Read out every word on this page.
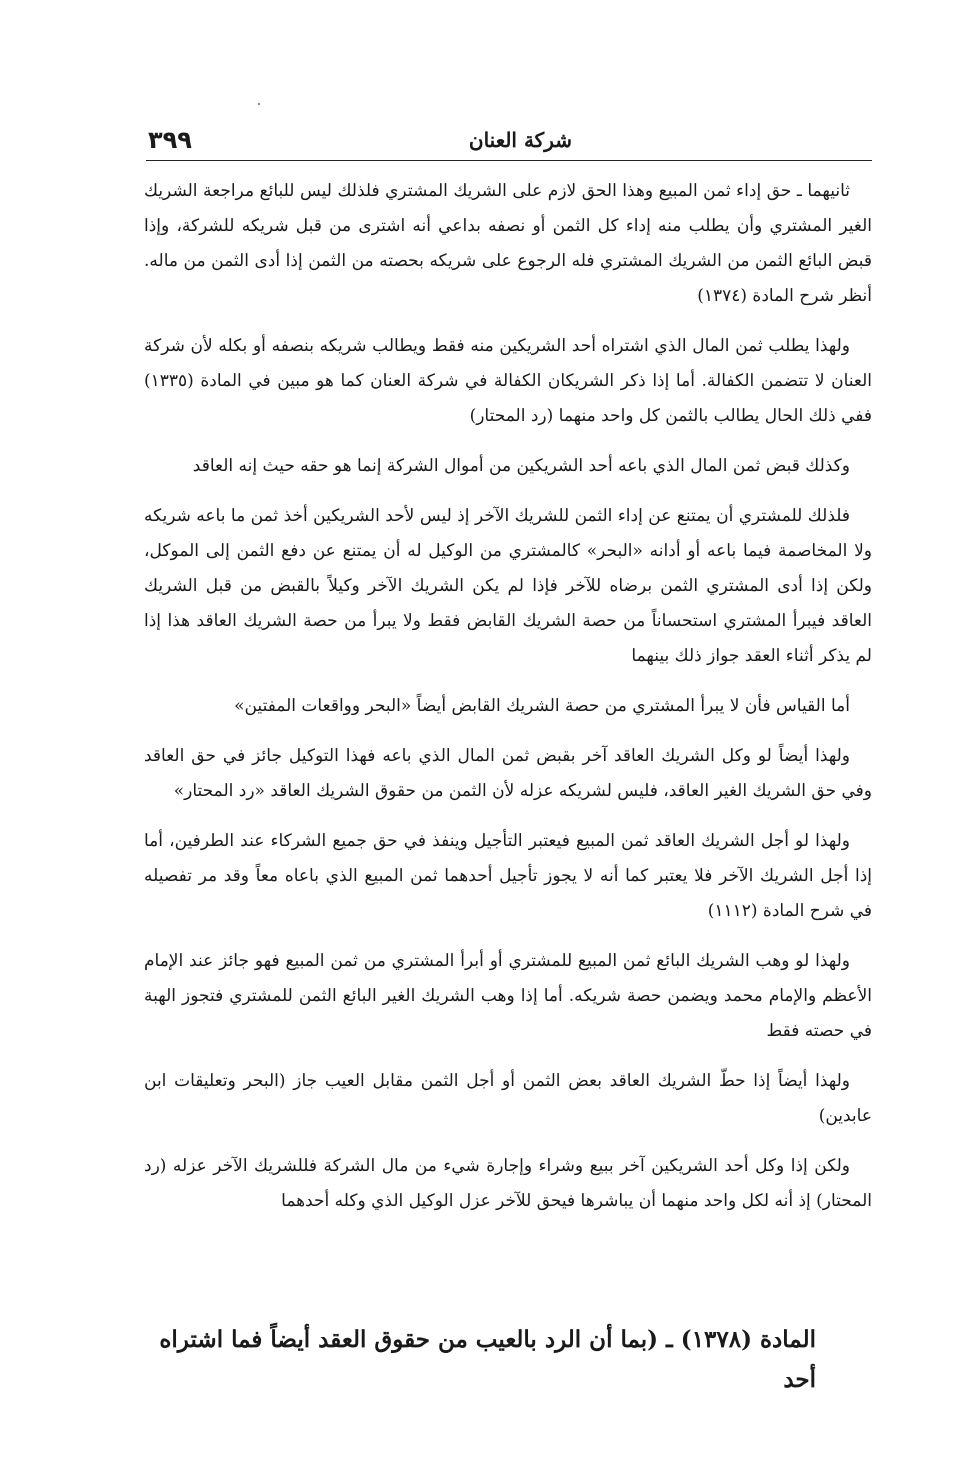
شركة العنان
٣٩٩

ثانيهما ـ حق إداء ثمن المبيع وهذا الحق لازم على الشريك المشتري فلذلك ليس للبائع مراجعة الشريك الغير المشتري وأن يطلب منه إداء كل الثمن أو نصفه بداعي أنه اشترى من قبل شريكه للشركة، وإذا قبض البائع الثمن من الشريك المشتري فله الرجوع على شريكه بحصته من الثمن إذا أدى الثمن من ماله. أنظر شرح المادة (١٣٧٤)

ولهذا يطلب ثمن المال الذي اشتراه أحد الشريكين منه فقط ويطالب شريكه بنصفه أو بكله لأن شركة العنان لا تتضمن الكفالة. أما إذا ذكر الشريكان الكفالة في شركة العنان كما هو مبين في المادة (١٣٣٥) ففي ذلك الحال يطالب بالثمن كل واحد منهما (رد المحتار)

وكذلك قبض ثمن المال الذي باعه أحد الشريكين من أموال الشركة إنما هو حقه حيث إنه العاقد

فلذلك للمشتري أن يمتنع عن إداء الثمن للشريك الآخر إذ ليس لأحد الشريكين أخذ ثمن ما باعه شريكه ولا المخاصمة فيما باعه أو أدانه «البحر» كالمشتري من الوكيل له أن يمتنع عن دفع الثمن إلى الموكل، ولكن إذا أدى المشتري الثمن برضاه للآخر فإذا لم يكن الشريك الآخر وكيلاً بالقبض من قبل الشريك العاقد فيبرأ المشتري استحساناً من حصة الشريك القابض فقط ولا يبرأ من حصة الشريك العاقد هذا إذا لم يذكر أثناء العقد جواز ذلك بينهما

أما القياس فأن لا يبرأ المشتري من حصة الشريك القابض أيضاً «البحر وواقعات المفتين»

ولهذا أيضاً لو وكل الشريك العاقد آخر بقبض ثمن المال الذي باعه فهذا التوكيل جائز في حق العاقد وفي حق الشريك الغير العاقد، فليس لشريكه عزله لأن الثمن من حقوق الشريك العاقد «رد المحتار»

ولهذا لو أجل الشريك العاقد ثمن المبيع فيعتبر التأجيل وينفذ في حق جميع الشركاء عند الطرفين، أما إذا أجل الشريك الآخر فلا يعتبر كما أنه لا يجوز تأجيل أحدهما ثمن المبيع الذي باعاه معاً وقد مر تفصيله في شرح المادة (١١١٢)

ولهذا لو وهب الشريك البائع ثمن المبيع للمشتري أو أبرأ المشتري من ثمن المبيع فهو جائز عند الإمام الأعظم والإمام محمد ويضمن حصة شريكه. أما إذا وهب الشريك الغير البائع الثمن للمشتري فتجوز الهبة في حصته فقط

ولهذا أيضاً إذا حطّ الشريك العاقد بعض الثمن أو أجل الثمن مقابل العيب جاز (البحر وتعليقات ابن عابدين)

ولكن إذا وكل أحد الشريكين آخر ببيع وشراء وإجارة شيء من مال الشركة فللشريك الآخر عزله (رد المحتار) إذ أنه لكل واحد منهما أن يباشرها فيحق للآخر عزل الوكيل الذي وكله أحدهما

المادة (١٣٧٨) ـ (بما أن الرد بالعيب من حقوق العقد أيضاً فما اشتراه أحد
